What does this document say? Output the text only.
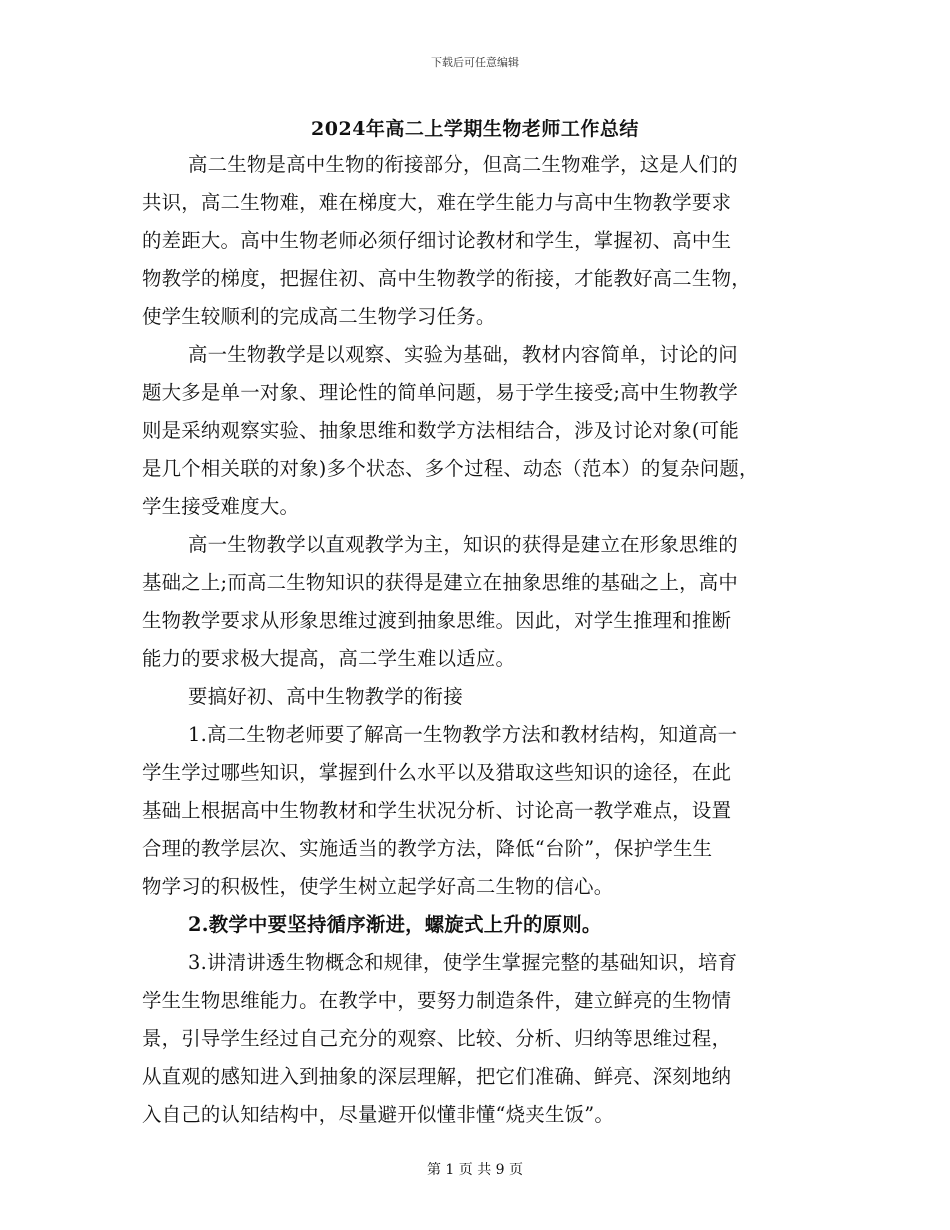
下载后可任意编辑
2024年高二上学期生物老师工作总结
高二生物是高中生物的衔接部分，但高二生物难学，这是人们的
共识，高二生物难，难在梯度大，难在学生能力与高中生物教学要求
的差距大。高中生物老师必须仔细讨论教材和学生，掌握初、高中生
物教学的梯度，把握住初、高中生物教学的衔接，才能教好高二生物，
使学生较顺利的完成高二生物学习任务。
高一生物教学是以观察、实验为基础，教材内容简单，讨论的问
题大多是单一对象、理论性的简单问题，易于学生接受;高中生物教学
则是采纳观察实验、抽象思维和数学方法相结合，涉及讨论对象(可能
是几个相关联的对象)多个状态、多个过程、动态（范本）的复杂问题，
学生接受难度大。
高一生物教学以直观教学为主，知识的获得是建立在形象思维的
基础之上;而高二生物知识的获得是建立在抽象思维的基础之上，高中
生物教学要求从形象思维过渡到抽象思维。因此，对学生推理和推断
能力的要求极大提高，高二学生难以适应。
要搞好初、高中生物教学的衔接
1.高二生物老师要了解高一生物教学方法和教材结构，知道高一
学生学过哪些知识，掌握到什么水平以及猎取这些知识的途径，在此
基础上根据高中生物教材和学生状况分析、讨论高一教学难点，设置
合理的教学层次、实施适当的教学方法，降低“台阶”，保护学生生
物学习的积极性，使学生树立起学好高二生物的信心。
2.教学中要坚持循序渐进，螺旋式上升的原则。
3.讲清讲透生物概念和规律，使学生掌握完整的基础知识，培育
学生生物思维能力。在教学中，要努力制造条件，建立鲜亮的生物情
景，引导学生经过自己充分的观察、比较、分析、归纳等思维过程，
从直观的感知进入到抽象的深层理解，把它们准确、鲜亮、深刻地纳
入自己的认知结构中，尽量避开似懂非懂“烧夹生饭”。
第 1 页 共 9 页
